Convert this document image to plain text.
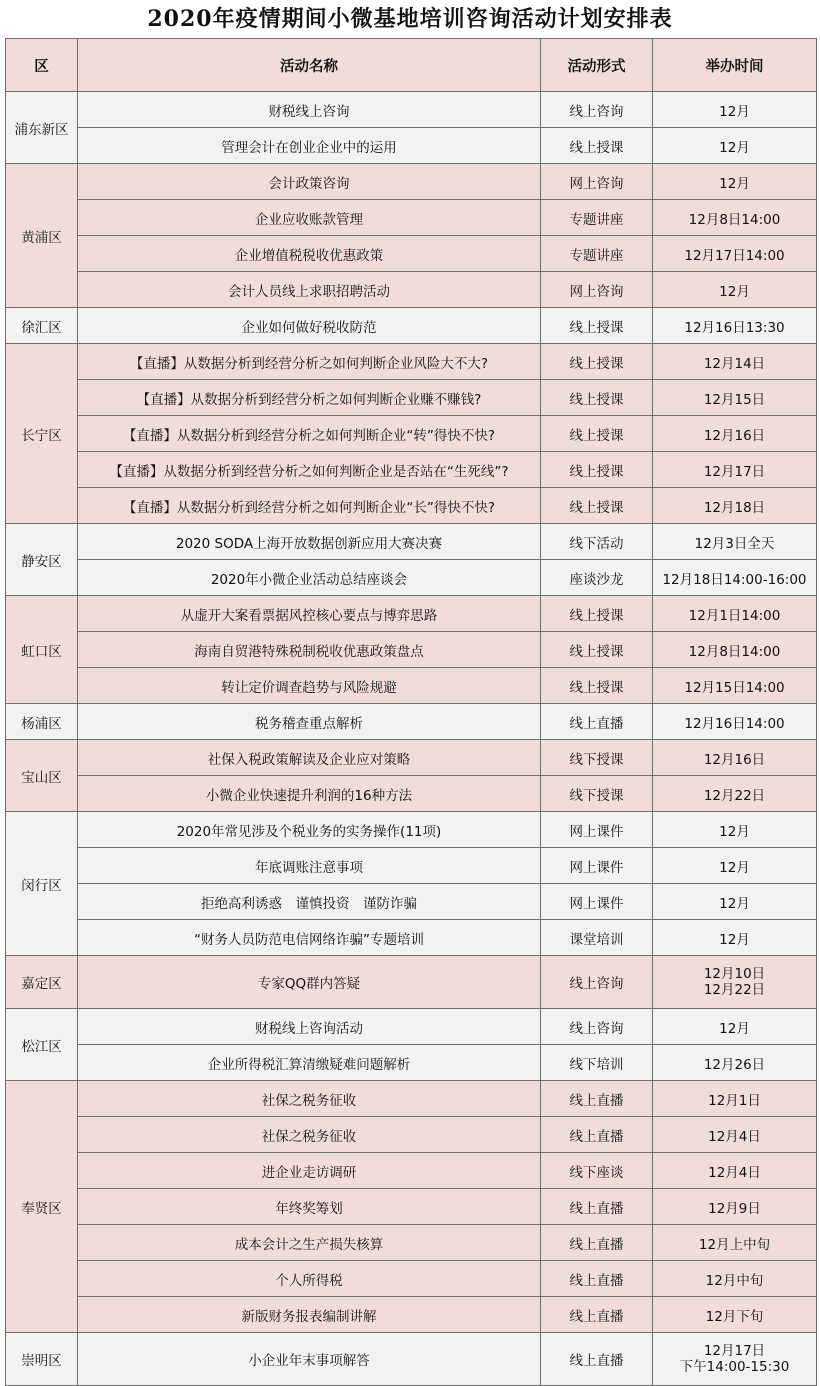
2020年疫情期间小微基地培训咨询活动计划安排表
区	活动名称	活动形式	举办时间
浦东新区	财税线上咨询	线上咨询	12月
	管理会计在创业企业中的运用	线上授课	12月
黄浦区	会计政策咨询	网上咨询	12月
	企业应收账款管理	专题讲座	12月8日14:00
	企业增值税税收优惠政策	专题讲座	12月17日14:00
	会计人员线上求职招聘活动	网上咨询	12月
徐汇区	企业如何做好税收防范	线上授课	12月16日13:30
长宁区	【直播】从数据分析到经营分析之如何判断企业风险大不大?	线上授课	12月14日
	【直播】从数据分析到经营分析之如何判断企业赚不赚钱?	线上授课	12月15日
	【直播】从数据分析到经营分析之如何判断企业“转”得快不快?	线上授课	12月16日
	【直播】从数据分析到经营分析之如何判断企业是否站在“生死线”?	线上授课	12月17日
	【直播】从数据分析到经营分析之如何判断企业“长”得快不快?	线上授课	12月18日
静安区	2020 SODA上海开放数据创新应用大赛决赛	线下活动	12月3日全天
	2020年小微企业活动总结座谈会	座谈沙龙	12月18日14:00-16:00
虹口区	从虚开大案看票据风控核心要点与博弈思路	线上授课	12月1日14:00
	海南自贸港特殊税制税收优惠政策盘点	线上授课	12月8日14:00
	转让定价调查趋势与风险规避	线上授课	12月15日14:00
杨浦区	税务稽查重点解析	线上直播	12月16日14:00
宝山区	社保入税政策解读及企业应对策略	线下授课	12月16日
	小微企业快速提升利润的16种方法	线下授课	12月22日
闵行区	2020年常见涉及个税业务的实务操作(11项)	网上课件	12月
	年底调账注意事项	网上课件	12月
	拒绝高利诱惑　谨慎投资　谨防诈骗	网上课件	12月
	“财务人员防范电信网络诈骗”专题培训	课堂培训	12月
嘉定区	专家QQ群内答疑	线上咨询	12月10日
12月22日

松江区	财税线上咨询活动	线上咨询	12月
	企业所得税汇算清缴疑难问题解析	线下培训	12月26日
奉贤区	社保之税务征收	线上直播	12月1日
	社保之税务征收	线上直播	12月4日
	进企业走访调研	线下座谈	12月4日
	年终奖筹划	线上直播	12月9日
	成本会计之生产损失核算	线上直播	12月上中旬
	个人所得税	线上直播	12月中旬
	新版财务报表编制讲解	线上直播	12月下旬
崇明区	小企业年末事项解答	线上直播	12月17日
下午14:00-15:30
